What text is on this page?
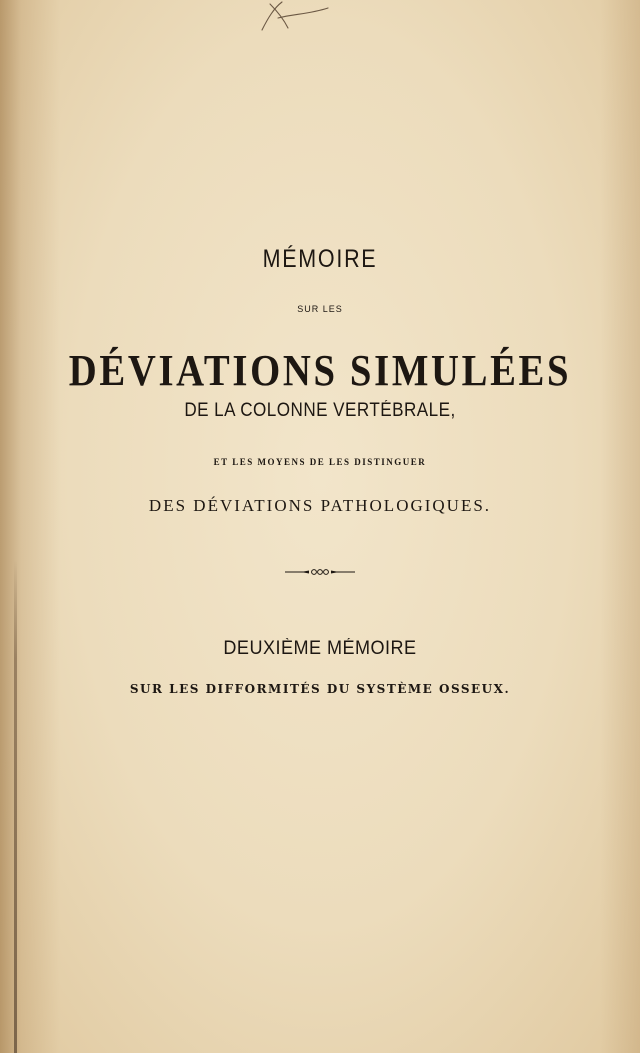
MÉMOIRE
SUR LES
DÉVIATIONS SIMULÉES
DE LA COLONNE VERTÉBRALE,
ET LES MOYENS DE LES DISTINGUER
DES DÉVIATIONS PATHOLOGIQUES.
DEUXIÈME MÉMOIRE
SUR LES DIFFORMITÉS DU SYSTÈME OSSEUX.
